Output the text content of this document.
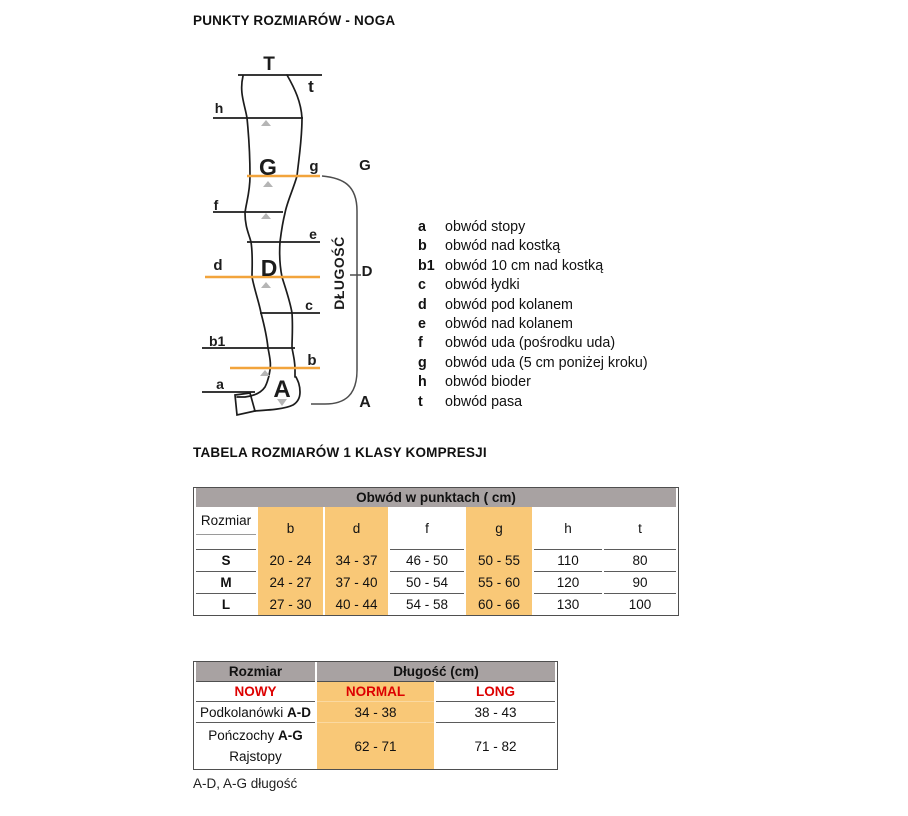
PUNKTY ROZMIARÓW - NOGA
T
t
h
G g	G
f
e
DŁUGOŚĆ
d D	D
c
b1
b
a A	A
a	obwód stopy
b	obwód nad kostką
b1 obwód 10 cm nad kostką
c	obwód łydki
d	obwód pod kolanem
e	obwód nad kolanem
f	obwód uda (pośrodku uda)
g	obwód uda (5 cm poniżej kroku)
h	obwód bioder
t	obwód pasa
TABELA ROZMIARÓW 1 KLASY KOMPRESJI
Obwód w punktach ( cm)						

Rozmiar	b	d	f	g	h	t
S	20 - 24	34 - 37	46 - 50	50 - 55	110	80
M	24 - 27	37 - 40	50 - 54	55 - 60	120	90
L	27 - 30	40 - 44	54 - 58	60 - 66	130	100
Rozmiar	Długość (cm)	
NOWY	NORMAL	LONG
Podkolanówki A-D	34 - 38	38 - 43

Pończochy A-G
Rajstopy	62 - 71	71 - 82
A-D, A-G długość
